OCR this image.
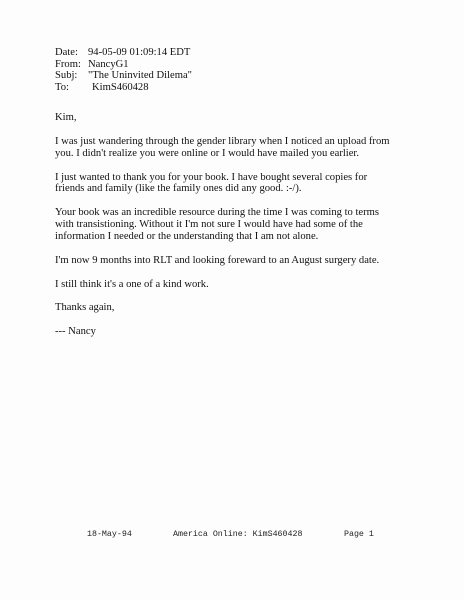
Date: 94-05-09 01:09:14 EDT
From: NancyG1
Subj:	"The Uninvited Dilema"
To:	KimS460428

Kim,

I was just wandering through the gender library when I noticed an upload from
you. I didn't realize you were online or I would have mailed you earlier.

I just wanted to thank you for your book. I have bought several copies for
friends and family (like the family ones did any good. :-/).

Your book was an incredible resource during the time I was coming to terms
with transistioning. Without it I'm not sure I would have had some of the
information I needed or the understanding that I am not alone.

I'm now 9 months into RLT and looking foreward to an August surgery date.

I still think it's a one of a kind work.

Thanks again,

--- Nancy

18-May-94	America Online: KimS460428	Page 1
